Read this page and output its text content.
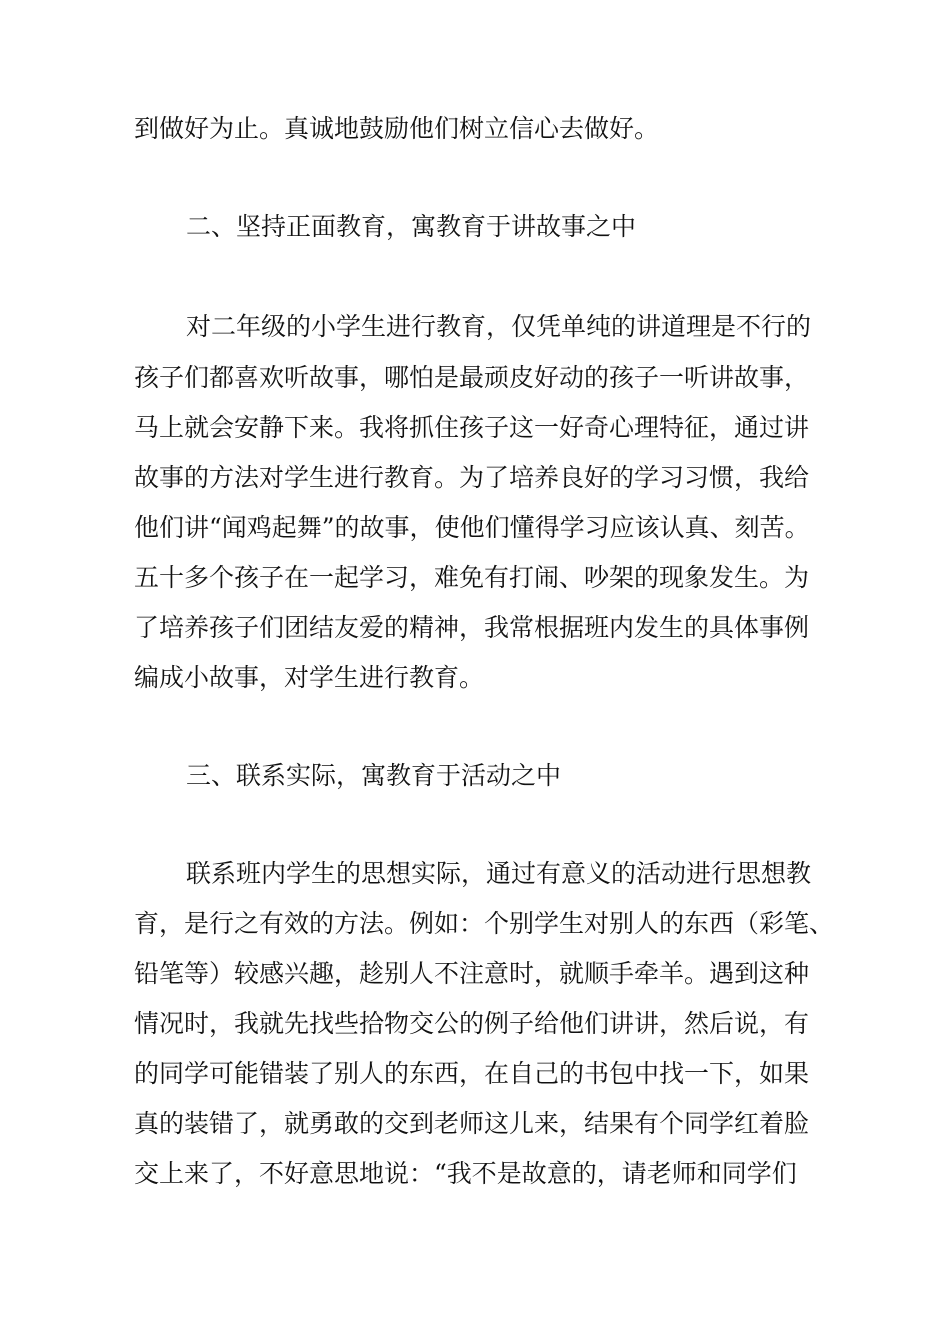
到做好为止。真诚地鼓励他们树立信心去做好。
二、坚持正面教育，寓教育于讲故事之中
对二年级的小学生进行教育，仅凭单纯的讲道理是不行的
孩子们都喜欢听故事，哪怕是最顽皮好动的孩子一听讲故事，
马上就会安静下来。我将抓住孩子这一好奇心理特征，通过讲
故事的方法对学生进行教育。为了培养良好的学习习惯，我给
他们讲“闻鸡起舞”的故事，使他们懂得学习应该认真、刻苦。
五十多个孩子在一起学习，难免有打闹、吵架的现象发生。为
了培养孩子们团结友爱的精神，我常根据班内发生的具体事例
编成小故事，对学生进行教育。
三、联系实际，寓教育于活动之中
联系班内学生的思想实际，通过有意义的活动进行思想教
育，是行之有效的方法。例如：个别学生对别人的东西（彩笔、
铅笔等）较感兴趣，趁别人不注意时，就顺手牵羊。遇到这种
情况时，我就先找些拾物交公的例子给他们讲讲，然后说，有
的同学可能错装了别人的东西，在自己的书包中找一下，如果
真的装错了，就勇敢的交到老师这儿来，结果有个同学红着脸
交上来了，不好意思地说：“我不是故意的，请老师和同学们
